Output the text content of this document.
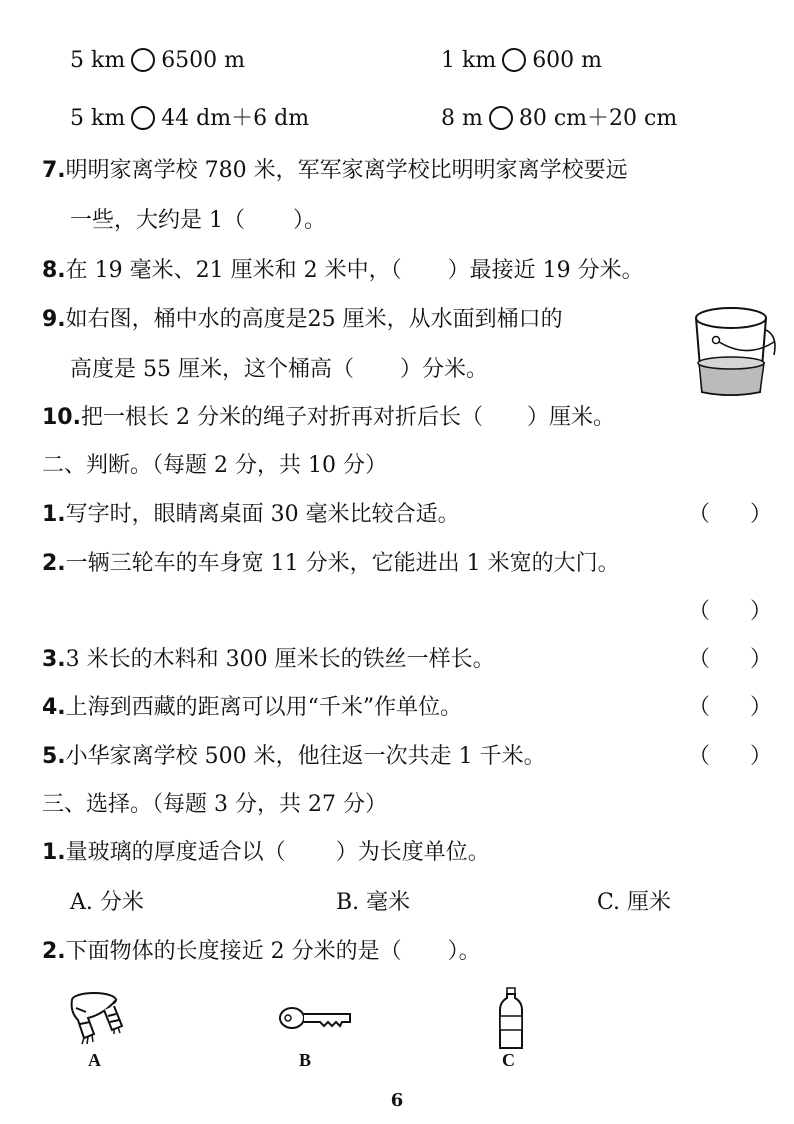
5 km 6500 m	1 km 600 m
5 km 44 dm＋6 dm	8 m 80 cm＋20 cm
7.明明家离学校 780 米，军军家离学校比明明家离学校要远
一些，大约是 1（ ）。
8.在 19 毫米、21 厘米和 2 米中，（ ）最接近 19 分米。
9.如右图，桶中水的高度是25 厘米，从水面到桶口的
高度是 55 厘米，这个桶高（ ）分米。
10.把一根长 2 分米的绳子对折再对折后长（ ）厘米。
二、判断。（每题 2 分，共 10 分）
1.写字时，眼睛离桌面 30 毫米比较合适。	（ ）
2.一辆三轮车的车身宽 11 分米，它能进出 1 米宽的大门。
（ ）
3.3 米长的木料和 300 厘米长的铁丝一样长。	（ ）
4.上海到西藏的距离可以用“千米”作单位。	（ ）
5.小华家离学校 500 米，他往返一次共走 1 千米。	（ ）
三、选择。（每题 3 分，共 27 分）
1.量玻璃的厚度适合以（ ）为长度单位。
A. 分米	B. 毫米	C. 厘米
2.下面物体的长度接近 2 分米的是（ ）。
A	B	C
6
